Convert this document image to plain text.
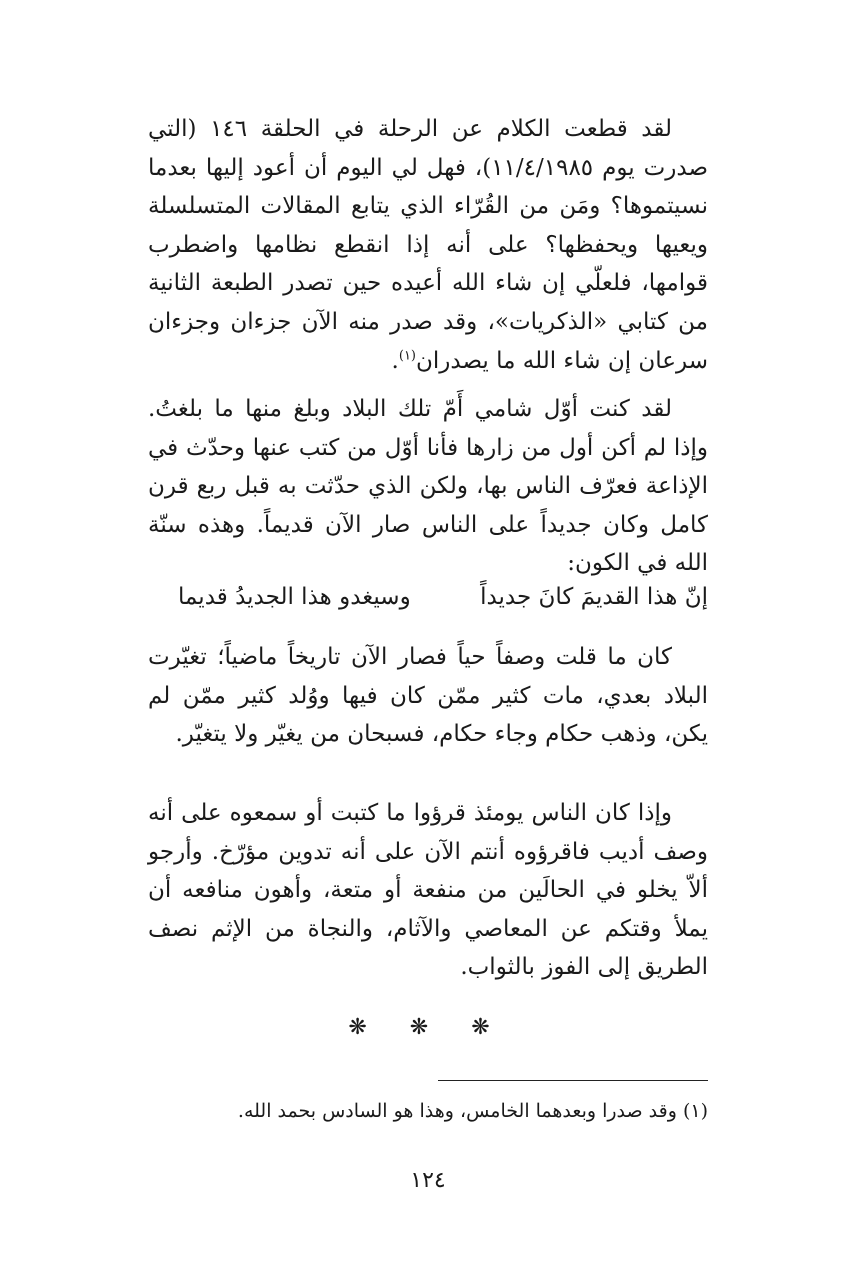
لقد قطعت الكلام عن الرحلة في الحلقة ١٤٦ (التي صدرت يوم ١١/٤/١٩٨٥)، فهل لي اليوم أن أعود إليها بعدما نسيتموها؟ ومَن من القُرّاء الذي يتابع المقالات المتسلسلة ويعيها ويحفظها؟ على أنه إذا انقطع نظامها واضطرب قوامها، فلعلّي إن شاء الله أعيده حين تصدر الطبعة الثانية من كتابي «الذكريات»، وقد صدر منه الآن جزءان وجزءان سرعان إن شاء الله ما يصدران$^{(١)}$.

لقد كنت أوّل شامي أَمّ تلك البلاد وبلغ منها ما بلغتُ. وإذا لم أكن أول من زارها فأنا أوّل من كتب عنها وحدّث في الإذاعة فعرّف الناس بها، ولكن الذي حدّثت به قبل ربع قرن كامل وكان جديداً على الناس صار الآن قديماً. وهذه سنّة الله في الكون:

إنّ هذا القديمَ كانَ جديداً
وسيغدو هذا الجديدُ قديما

كان ما قلت وصفاً حياً فصار الآن تاريخاً ماضياً؛ تغيّرت البلاد بعدي، مات كثير ممّن كان فيها ووُلد كثير ممّن لم يكن، وذهب حكام وجاء حكام، فسبحان من يغيّر ولا يتغيّر.

وإذا كان الناس يومئذ قرؤوا ما كتبت أو سمعوه على أنه وصف أديب فاقرؤوه أنتم الآن على أنه تدوين مؤرّخ. وأرجو ألاّ يخلو في الحالَين من منفعة أو متعة، وأهون منافعه أن يملأ وقتكم عن المعاصي والآثام، والنجاة من الإثم نصف الطريق إلى الفوز بالثواب.

❋ ❋ ❋

(١) وقد صدرا وبعدهما الخامس، وهذا هو السادس بحمد الله.

١٢٤
